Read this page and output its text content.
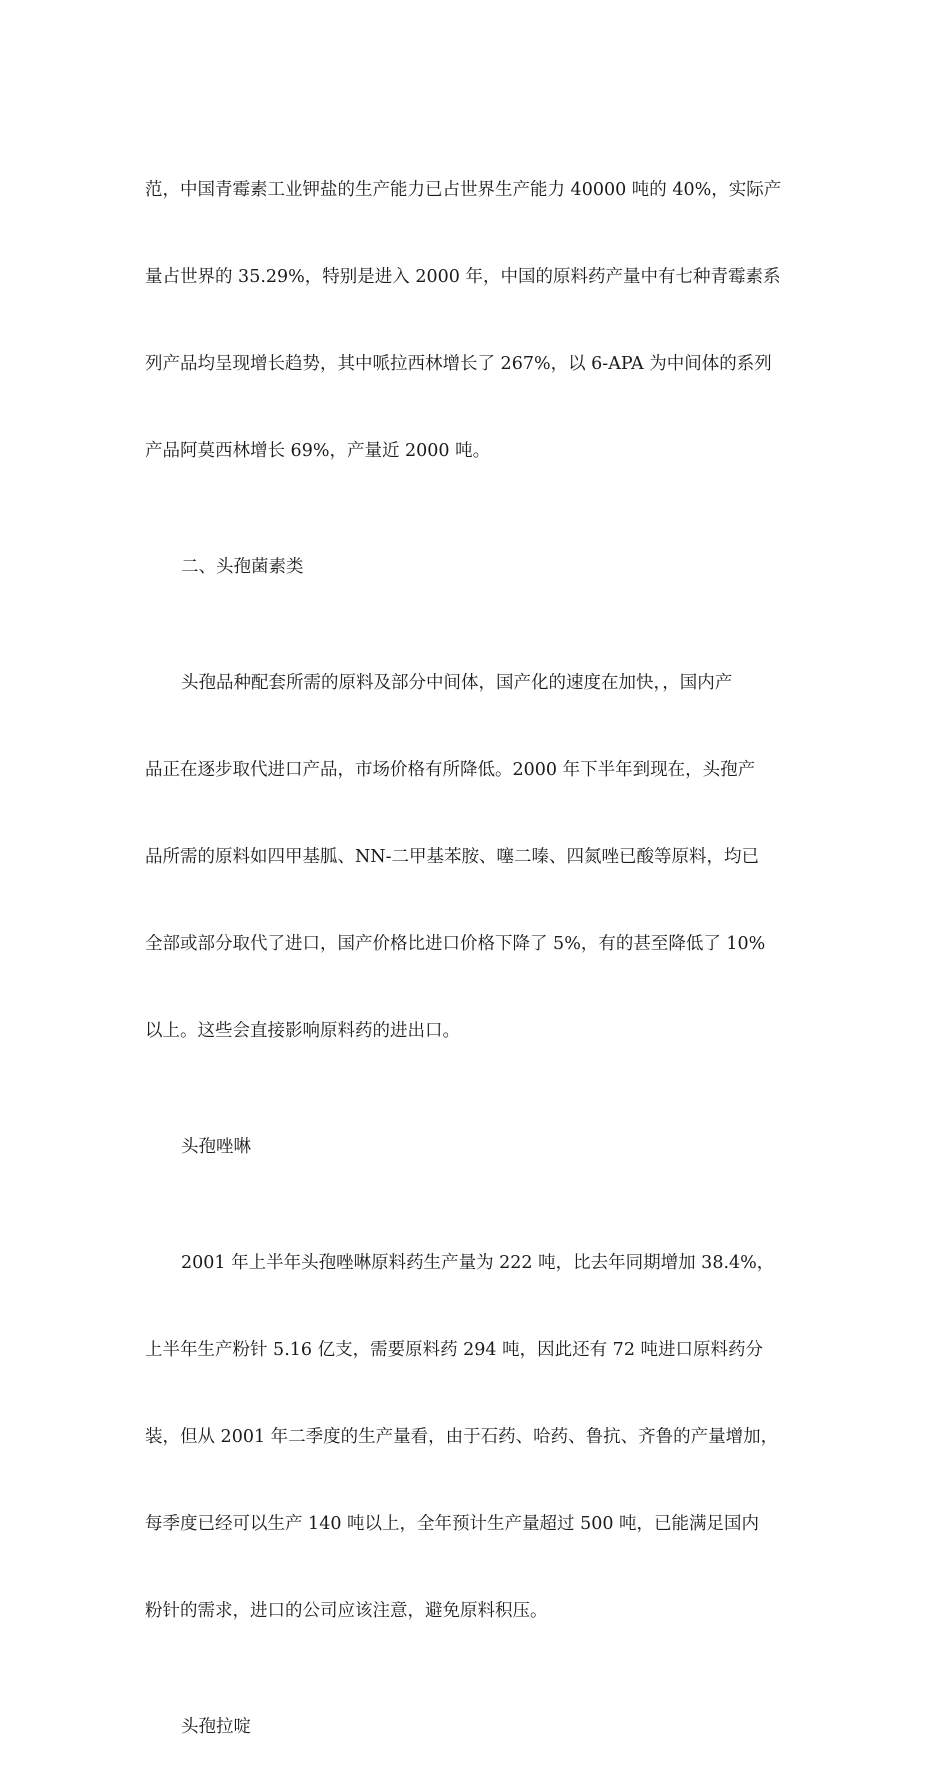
范，中国青霉素工业钾盐的生产能力已占世界生产能力 40000 吨的 40%，实际产

量占世界的 35.29%，特别是进入 2000 年，中国的原料药产量中有七种青霉素系

列产品均呈现增长趋势，其中哌拉西林增长了 267%，以 6-APA 为中间体的系列

产品阿莫西林增长 69%，产量近 2000 吨。

二、头孢菌素类

头孢品种配套所需的原料及部分中间体，国产化的速度在加快，，国内产

品正在逐步取代进口产品，市场价格有所降低。2000 年下半年到现在，头孢产

品所需的原料如四甲基胍、NN-二甲基苯胺、噻二嗪、四氮唑已酸等原料，均已

全部或部分取代了进口，国产价格比进口价格下降了 5%，有的甚至降低了 10%

以上。这些会直接影响原料药的进出口。

头孢唑啉

2001 年上半年头孢唑啉原料药生产量为 222 吨，比去年同期增加 38.4%，

上半年生产粉针 5.16 亿支，需要原料药 294 吨，因此还有 72 吨进口原料药分

装，但从 2001 年二季度的生产量看，由于石药、哈药、鲁抗、齐鲁的产量增加，

每季度已经可以生产 140 吨以上，全年预计生产量超过 500 吨，已能满足国内

粉针的需求，进口的公司应该注意，避免原料积压。

头孢拉啶
